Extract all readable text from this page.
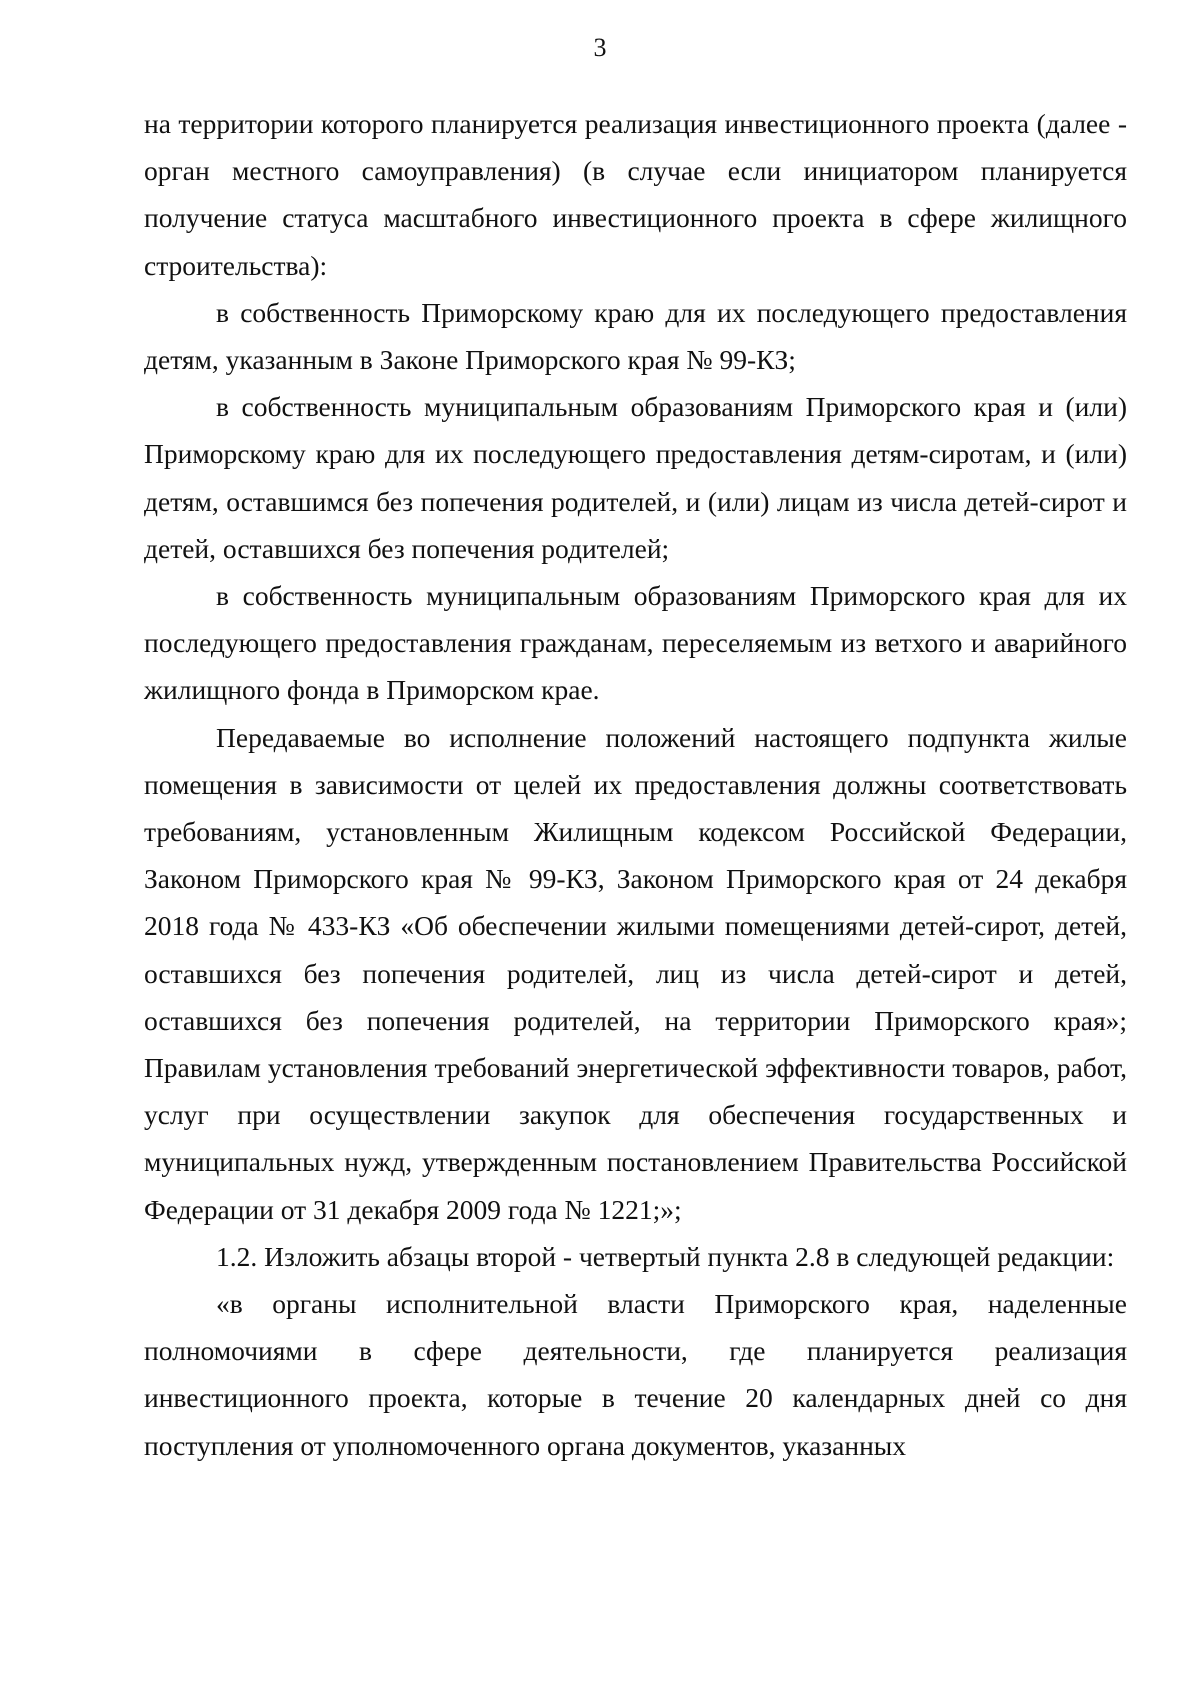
3

на территории которого планируется реализация инвестиционного проекта (далее - орган местного самоуправления) (в случае если инициатором планируется получение статуса масштабного инвестиционного проекта в сфере жилищного строительства):

в собственность Приморскому краю для их последующего предоставления детям, указанным в Законе Приморского края № 99-КЗ;

в собственность муниципальным образованиям Приморского края и (или) Приморскому краю для их последующего предоставления детям-сиротам, и (или) детям, оставшимся без попечения родителей, и (или) лицам из числа детей-сирот и детей, оставшихся без попечения родителей;

в собственность муниципальным образованиям Приморского края для их последующего предоставления гражданам, переселяемым из ветхого и аварийного жилищного фонда в Приморском крае.

Передаваемые во исполнение положений настоящего подпункта жилые помещения в зависимости от целей их предоставления должны соответствовать требованиям, установленным Жилищным кодексом Российской Федерации, Законом Приморского края № 99-КЗ, Законом Приморского края от 24 декабря 2018 года № 433-КЗ «Об обеспечении жилыми помещениями детей-сирот, детей, оставшихся без попечения родителей, лиц из числа детей-сирот и детей, оставшихся без попечения родителей, на территории Приморского края»; Правилам установления требований энергетической эффективности товаров, работ, услуг при осуществлении закупок для обеспечения государственных и муниципальных нужд, утвержденным постановлением Правительства Российской Федерации от 31 декабря 2009 года № 1221;»;

1.2. Изложить абзацы второй - четвертый пункта 2.8 в следующей редакции:

«в органы исполнительной власти Приморского края, наделенные полномочиями в сфере деятельности, где планируется реализация инвестиционного проекта, которые в течение 20 календарных дней со дня поступления от уполномоченного органа документов, указанных
